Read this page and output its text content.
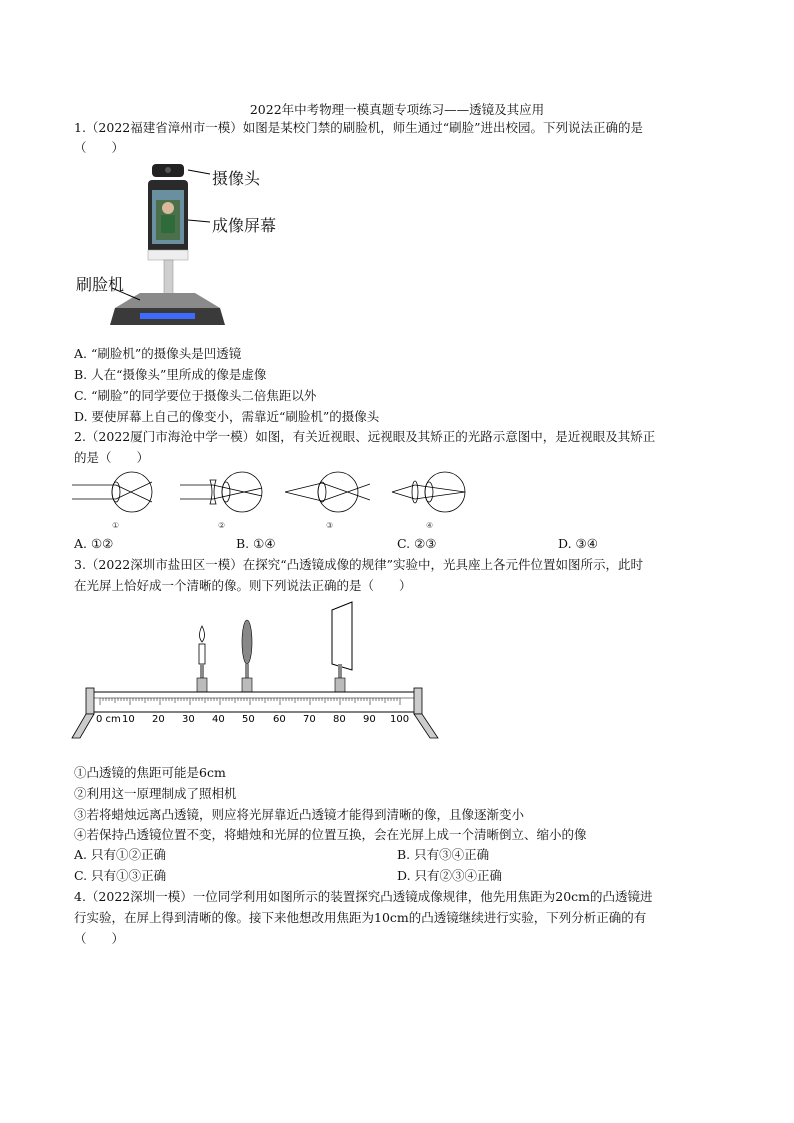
2022年中考物理一模真题专项练习——透镜及其应用
1.（2022福建省漳州市一模）如图是某校门禁的刷脸机，师生通过“刷脸”进出校园。下列说法正确的是
（　　）
摄像头
成像屏幕
刷脸机
A. “刷脸机”的摄像头是凹透镜
B. 人在“摄像头”里所成的像是虚像
C. “刷脸”的同学要位于摄像头二倍焦距以外
D. 要使屏幕上自己的像变小，需靠近“刷脸机”的摄像头
2.（2022厦门市海沧中学一模）如图，有关近视眼、远视眼及其矫正的光路示意图中，是近视眼及其矫正
的是（　　）
①	②	③	④
A. ①②	B. ①④	C. ②③	D. ③④
3.（2022深圳市盐田区一模）在探究“凸透镜成像的规律”实验中，光具座上各元件位置如图所示，此时
在光屏上恰好成一个清晰的像。则下列说法正确的是（　　）
0 cm 10 20 30 40 50 60 70 80 90 100
①凸透镜的焦距可能是6cm
②利用这一原理制成了照相机
③若将蜡烛远离凸透镜，则应将光屏靠近凸透镜才能得到清晰的像，且像逐渐变小
④若保持凸透镜位置不变，将蜡烛和光屏的位置互换，会在光屏上成一个清晰倒立、缩小的像
A. 只有①②正确	B. 只有③④正确
C. 只有①③正确	D. 只有②③④正确
4.（2022深圳一模）一位同学利用如图所示的装置探究凸透镜成像规律，他先用焦距为20cm的凸透镜进
行实验，在屏上得到清晰的像。接下来他想改用焦距为10cm的凸透镜继续进行实验，下列分析正确的有
（　　）
